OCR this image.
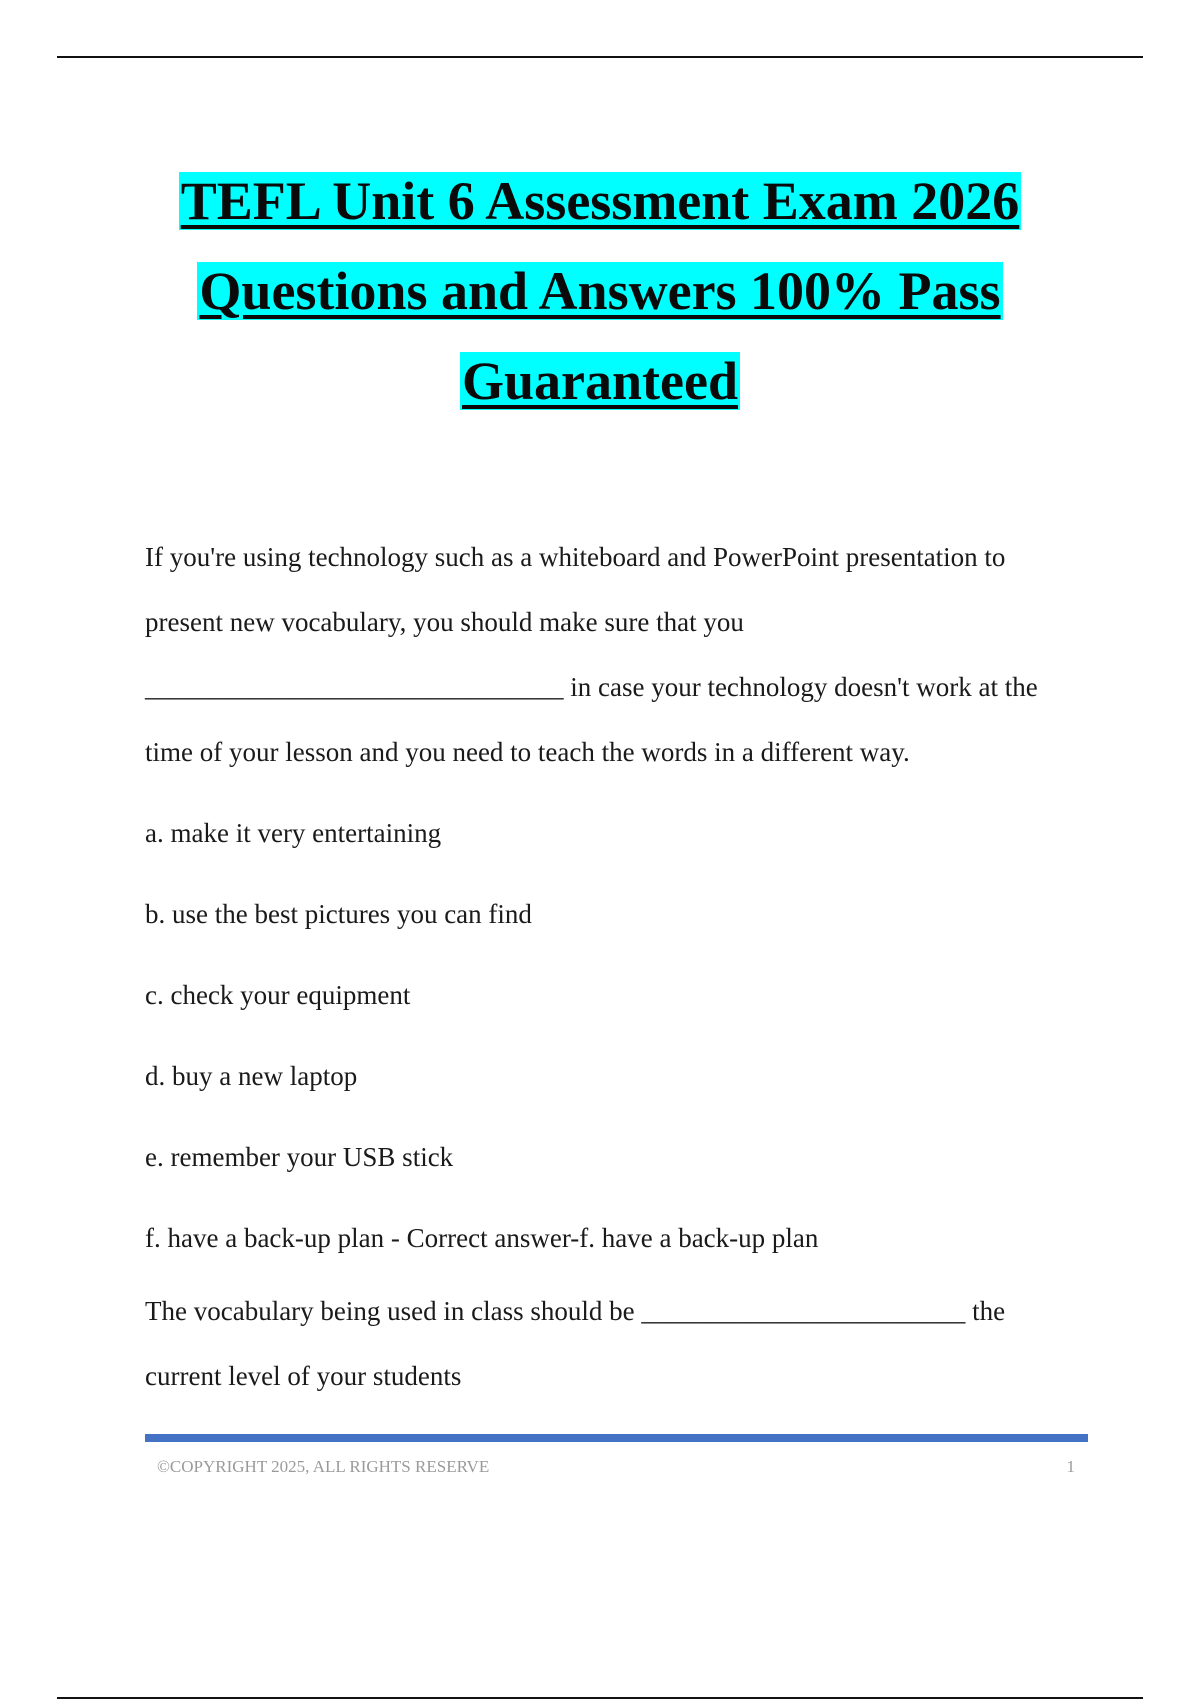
TEFL Unit 6 Assessment Exam 2026
Questions and Answers 100% Pass
Guaranteed

If you're using technology such as a whiteboard and PowerPoint presentation to

present new vocabulary, you should make sure that you

_______________________________ in case your technology doesn't work at the

time of your lesson and you need to teach the words in a different way.

a. make it very entertaining

b. use the best pictures you can find

c. check your equipment

d. buy a new laptop

e. remember your USB stick

f. have a back-up plan - Correct answer-f. have a back-up plan

The vocabulary being used in class should be ________________________ the

current level of your students

©COPYRIGHT 2025, ALL RIGHTS RESERVE	1
